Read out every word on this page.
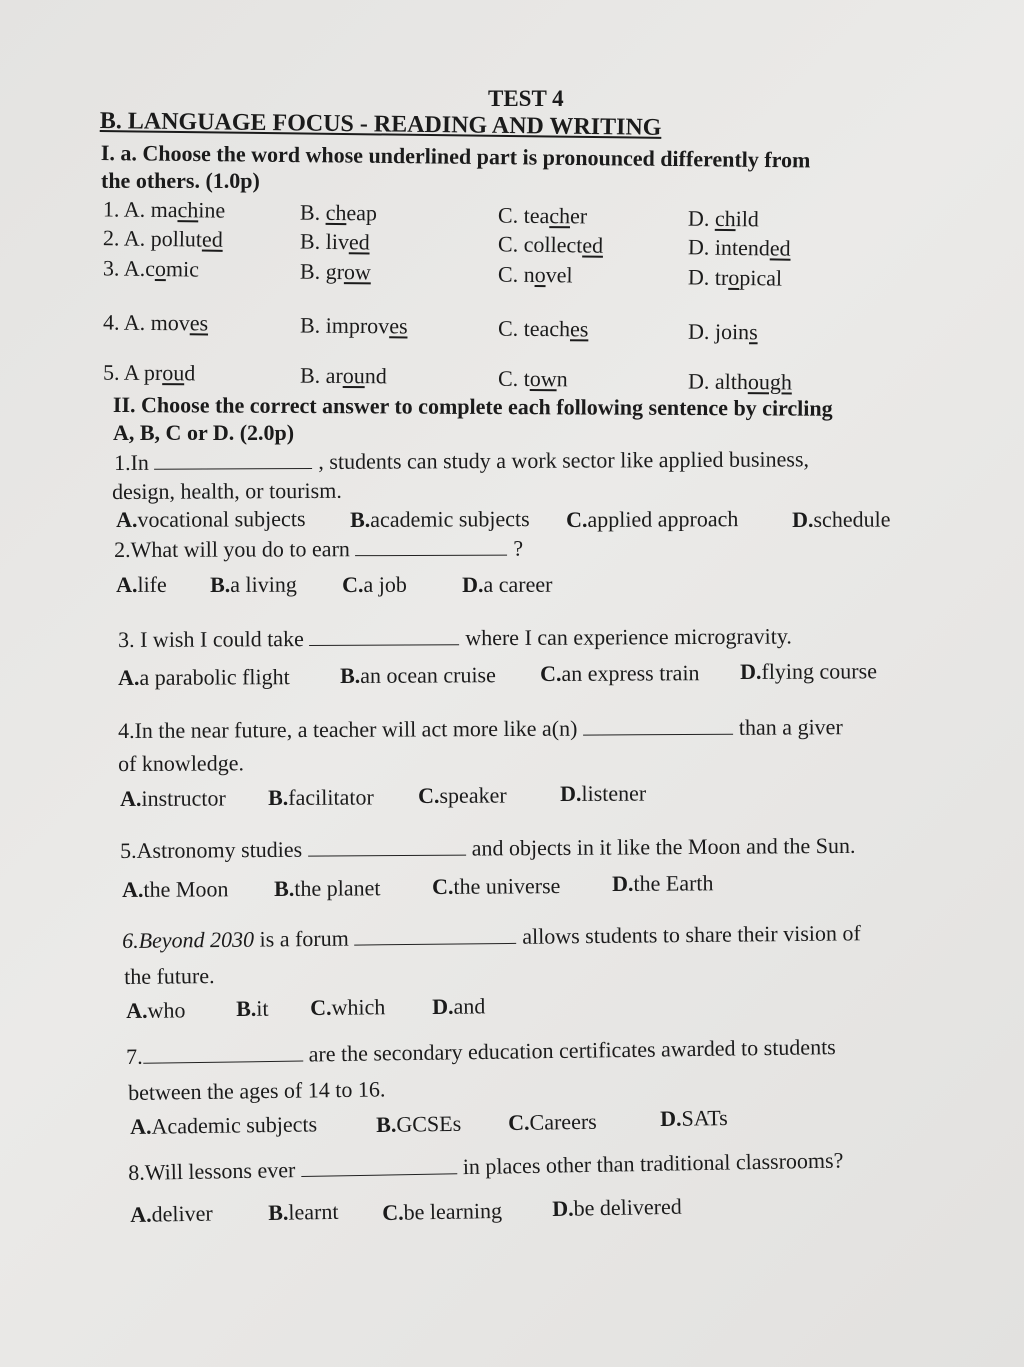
TEST 4
B. LANGUAGE FOCUS - READING AND WRITING
I. a. Choose the word whose underlined part is pronounced differently from
the others. (1.0p)
1. A. machine	B. cheap	C. teacher	D. child
2. A. polluted	B. lived	C. collected	D. intended
3. A.comic	B. grow	C. novel	D. tropical
4. A. moves	B. improves	C. teaches	D. joins
5. A proud	B. around	C. town	D. although
II. Choose the correct answer to complete each following sentence by circling
A, B, C or D. (2.0p)
1.In	, students can study a work sector like applied business,
design, health, or tourism.
A.vocational subjects B.academic subjects C.applied approach D.schedule
2.What will you do to earn	?
A.life B.a living C.a job	D.a career
3. I wish I could take	where I can experience microgravity.
A.a parabolic flight B.an ocean cruise C.an express train D.flying course
4.In the near future, a teacher will act more like a(n)	than a giver
of knowledge.
A.instructor B.facilitator C.speaker D.listener
5.Astronomy studies	and objects in it like the Moon and the Sun.
A.the Moon B.the planet C.the universe D.the Earth
6.Beyond 2030 is a forum	allows students to share their vision of
the future.
A.who B.it C.which D.and
7.	are the secondary education certificates awarded to students
between the ages of 14 to 16.
A.Academic subjects	B.GCSEs C.Careers	D.SATs
8.Will lessons ever	in places other than traditional classrooms?
A.deliver	B.learnt C.be learning D.be delivered
